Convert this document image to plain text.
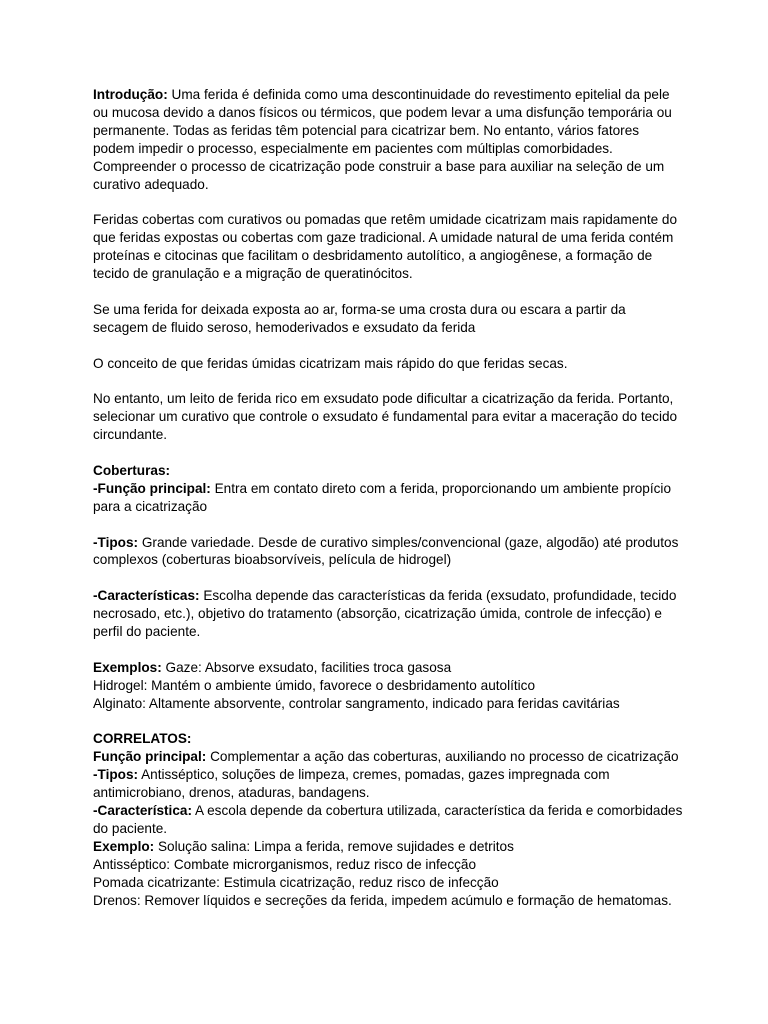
Introdução: Uma ferida é definida como uma descontinuidade do revestimento epitelial da pele ou mucosa devido a danos físicos ou térmicos, que podem levar a uma disfunção temporária ou permanente. Todas as feridas têm potencial para cicatrizar bem. No entanto, vários fatores podem impedir o processo, especialmente em pacientes com múltiplas comorbidades. Compreender o processo de cicatrização pode construir a base para auxiliar na seleção de um curativo adequado.

Feridas cobertas com curativos ou pomadas que retêm umidade cicatrizam mais rapidamente do que feridas expostas ou cobertas com gaze tradicional. A umidade natural de uma ferida contém proteínas e citocinas que facilitam o desbridamento autolítico, a angiogênese, a formação de tecido de granulação e a migração de queratinócitos.

Se uma ferida for deixada exposta ao ar, forma-se uma crosta dura ou escara a partir da secagem de fluido seroso, hemoderivados e exsudato da ferida

O conceito de que feridas úmidas cicatrizam mais rápido do que feridas secas.

No entanto, um leito de ferida rico em exsudato pode dificultar a cicatrização da ferida. Portanto, selecionar um curativo que controle o exsudato é fundamental para evitar a maceração do tecido circundante.

Coberturas:
-Função principal: Entra em contato direto com a ferida, proporcionando um ambiente propício para a cicatrização

-Tipos: Grande variedade. Desde de curativo simples/convencional (gaze, algodão) até produtos complexos (coberturas bioabsorvíveis, película de hidrogel)

-Características: Escolha depende das características da ferida (exsudato, profundidade, tecido necrosado, etc.), objetivo do tratamento (absorção, cicatrização úmida, controle de infecção) e perfil do paciente.

Exemplos: Gaze: Absorve exsudato, facilities troca gasosa
Hidrogel: Mantém o ambiente úmido, favorece o desbridamento autolítico
Alginato: Altamente absorvente, controlar sangramento, indicado para feridas cavitárias
CORRELATOS:
Função principal: Complementar a ação das coberturas, auxiliando no processo de cicatrização
-Tipos: Antisséptico, soluções de limpeza, cremes, pomadas, gazes impregnada com antimicrobiano, drenos, ataduras, bandagens.
-Característica: A escola depende da cobertura utilizada, característica da ferida e comorbidades do paciente.
Exemplo: Solução salina: Limpa a ferida, remove sujidades e detritos
Antisséptico: Combate microrganismos, reduz risco de infecção
Pomada cicatrizante: Estimula cicatrização, reduz risco de infecção
Drenos: Remover líquidos e secreções da ferida, impedem acúmulo e formação de hematomas.
